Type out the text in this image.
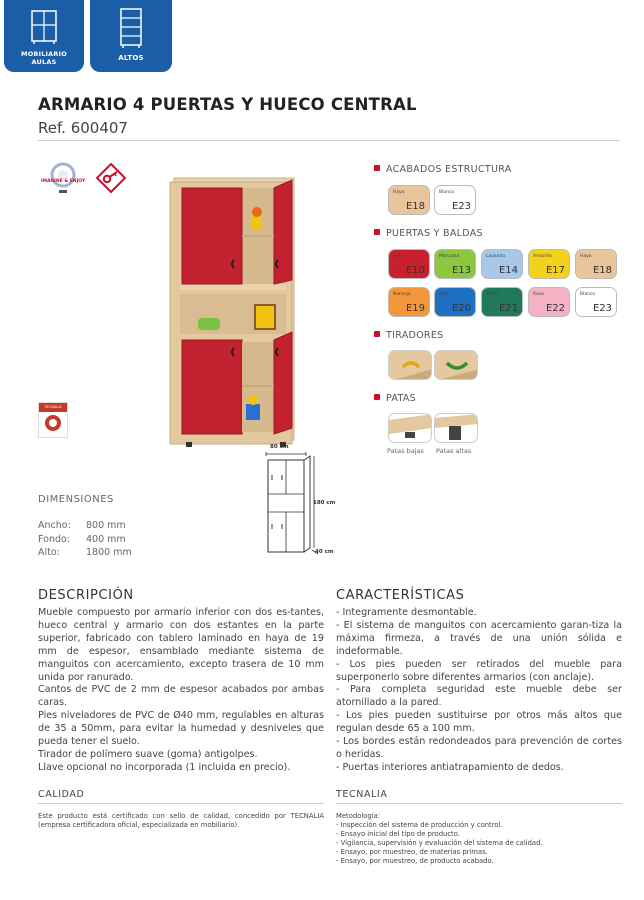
MOBILIARIO
AULAS	ALTOS
ARMARIO 4 PUERTAS Y HUECO CENTRAL
Ref. 600407
IMAGINE & ENJOY
TECNALIA
80 cm
180 cm
40 cm
ACABADOS ESTRUCTURA
Haya
E18
Blanco
E23
PUERTAS Y BALDAS
Rojo
E10
Manzana
E13
Lavanda
E14
Amarillo
E17
Haya
E18
Naranja
E19
Azul
E20
Verde
E21
Rosa
E22
Blanco
E23
TIRADORES
PATAS
Patas bajas Patas altas
DIMENSIONES
Ancho: 800 mm
Fondo: 400 mm
Alto:	1800 mm
DESCRIPCIÓN

Mueble compuesto por armario inferior con dos es-tantes, hueco central y armario con dos estantes en la parte superior, fabricado con tablero laminado en haya de 19 mm de espesor, ensamblado mediante sistema de manguitos con acercamiento, excepto trasera de 10 mm unida por ranurado.

Cantos de PVC de 2 mm de espesor acabados por ambas caras.

Pies niveladores de PVC de Ø40 mm, regulables en alturas de 35 a 50mm, para evitar la humedad y desniveles que pueda tener el suelo.

Tirador de polímero suave (goma) antigolpes.

Llave opcional no incorporada (1 incluida en precio).

CARACTERÍSTICAS

- Integramente desmontable.

- El sistema de manguitos con acercamiento garan-tiza la máxima firmeza, a través de una unión sólida e indeformable.

- Los pies pueden ser retirados del mueble para superponerlo sobre diferentes armarios (con anclaje).

- Para completa seguridad este mueble debe ser atornillado a la pared.

- Los pies pueden sustituirse por otros más altos que regulan desde 65 a 100 mm.

- Los bordes están redondeados para prevención de cortes o heridas.

- Puertas interiores antiatrapamiento de dedos.

CALIDAD
Este producto está certificado con sello de calidad, concedido por TECNALIA (empresa certificadora oficial, especializada en mobiliario).
TECNALIA

Metodología:

- Inspección del sistema de producción y control.

- Ensayo inicial del tipo de producto.

- Vigilancia, supervisión y evaluación del sistema de calidad.

- Ensayo, por muestreo, de materias primas.

- Ensayo, por muestreo, de producto acabado.
